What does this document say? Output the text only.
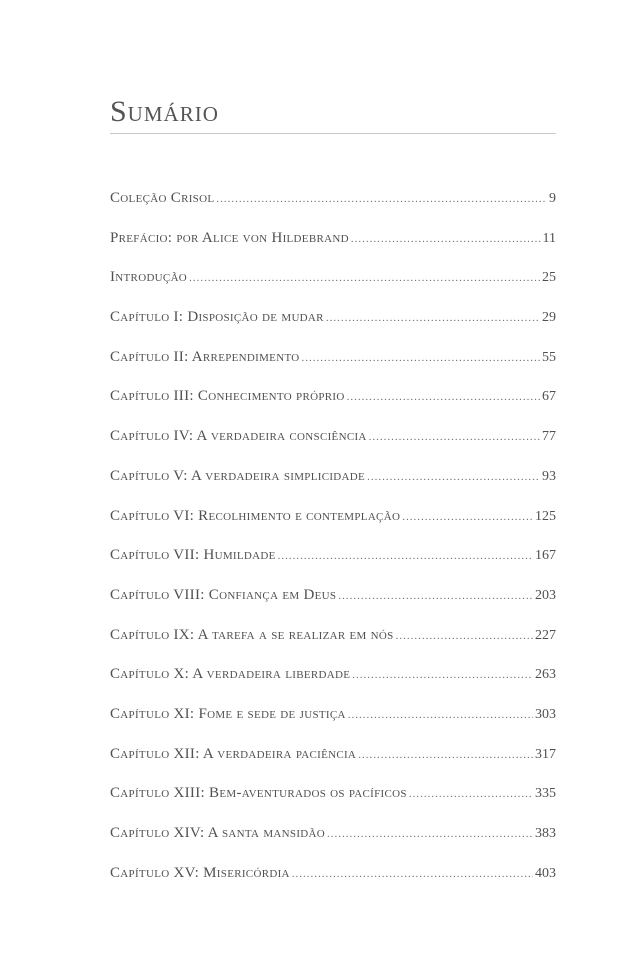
Sumário
Coleção Crisol .....	9
Prefácio: por Alice von Hildebrand .....	11
Introdução .....	25
Capítulo I: Disposição de mudar .....	29
Capítulo II: Arrependimento .....	55
Capítulo III: Conhecimento próprio .....	67
Capítulo IV: A verdadeira consciência .....	77
Capítulo V: A verdadeira simplicidade .....	93
Capítulo VI: Recolhimento e contemplação .....	125
Capítulo VII: Humildade .....	167
Capítulo VIII: Confiança em Deus .....	203
Capítulo IX: A tarefa a se realizar em nós .....	227
Capítulo X: A verdadeira liberdade .....	263
Capítulo XI: Fome e sede de justiça .....	303
Capítulo XII: A verdadeira paciência .....	317
Capítulo XIII: Bem-aventurados os pacíficos .....	335
Capítulo XIV: A santa mansidão .....	383
Capítulo XV: Misericórdia .....	403
